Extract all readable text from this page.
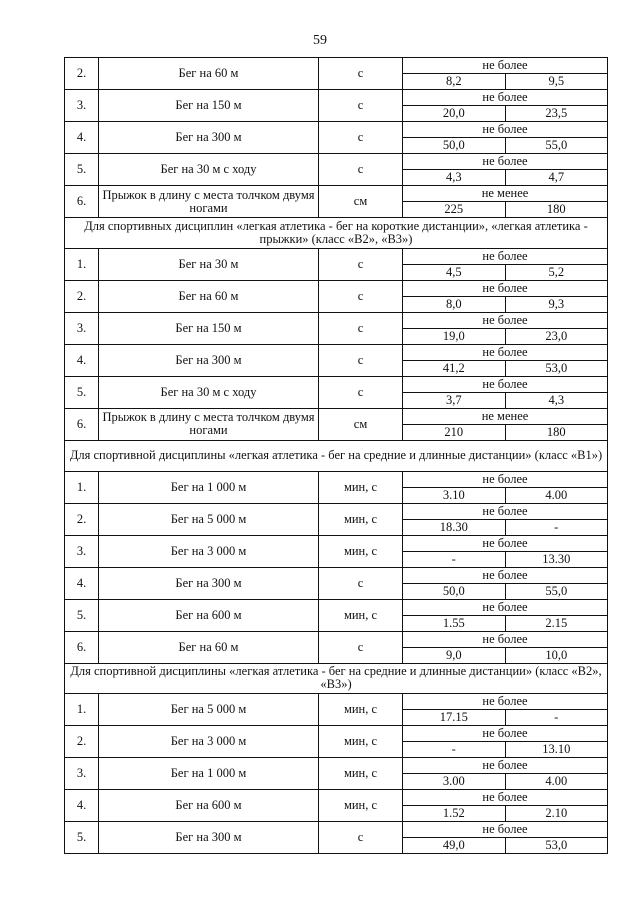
59
2.	Бег на 60 м	с	не более
8,2 9,5

3.	Бег на 150 м	с	не более
20,0 23,5

4.	Бег на 300 м	с	не более
50,0 55,0

5.	Бег на 30 м с ходу	с	не более
4,3 4,7

6.	Прыжок в длину с места толчком двумя ногами	см	не менее
225 180

Для спортивных дисциплин «легкая атлетика - бег на короткие дистанции», «легкая атлетика - прыжки» (класс «В2», «В3»)			
1.	Бег на 30 м	с	не более
4,5 5,2

2.	Бег на 60 м	с	не более
8,0 9,3

3.	Бег на 150 м	с	не более
19,0 23,0

4.	Бег на 300 м	с	не более
41,2 53,0

5.	Бег на 30 м с ходу	с	не более
3,7 4,3

6.	Прыжок в длину с места толчком двумя ногами	см	не менее
210 180

Для спортивной дисциплины «легкая атлетика - бег на средние и длинные дистанции» (класс «В1»)			
1.	Бег на 1 000 м	мин, с	не более
3.10 4.00

2.	Бег на 5 000 м	мин, с	не более
18.30 -

3.	Бег на 3 000 м	мин, с	не более
- 13.30

4.	Бег на 300 м	с	не более
50,0 55,0

5.	Бег на 600 м	мин, с	не более
1.55 2.15

6.	Бег на 60 м	с	не более
9,0 10,0

Для спортивной дисциплины «легкая атлетика - бег на средние и длинные дистанции» (класс «В2», «В3»)			
1.	Бег на 5 000 м	мин, с	не более
17.15 -

2.	Бег на 3 000 м	мин, с	не более
- 13.10

3.	Бег на 1 000 м	мин, с	не более
3.00 4.00

4.	Бег на 600 м	мин, с	не более
1.52 2.10

5.	Бег на 300 м	с	не более
49,0 53,0
